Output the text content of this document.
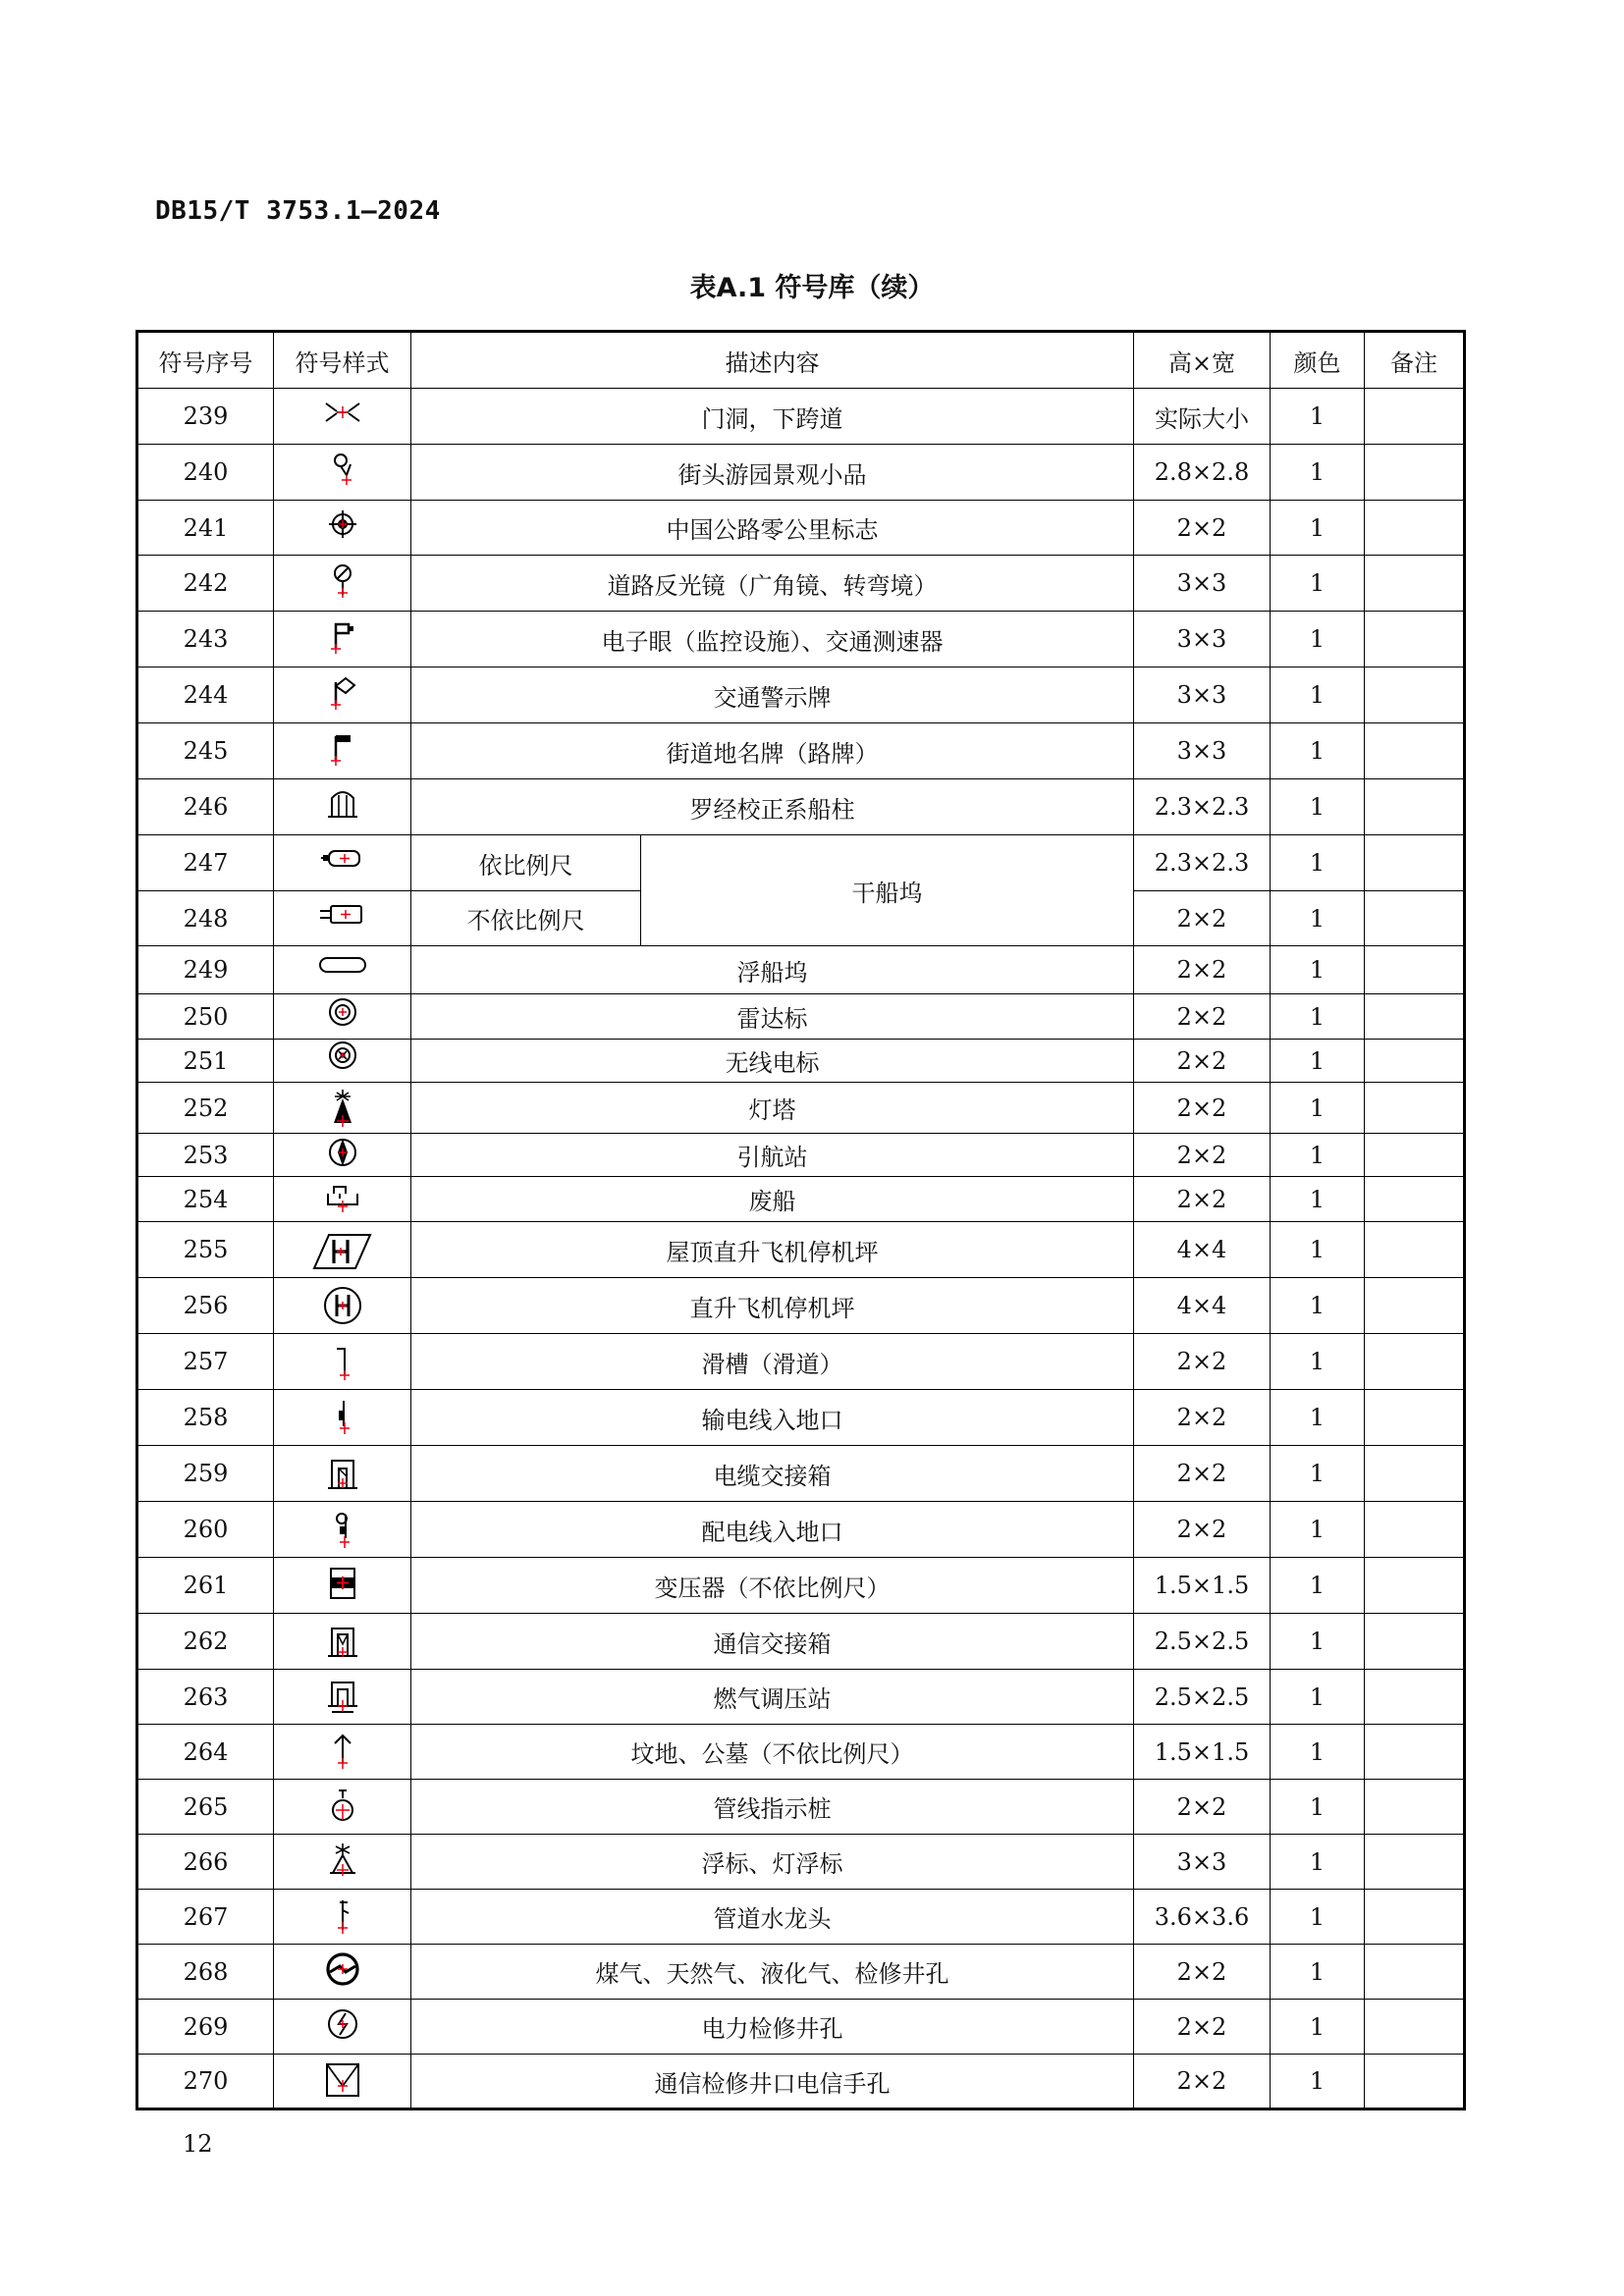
DB15/T 3753.1—2024
表A.1 符号库（续）
符号序号	符号样式	描述内容		高×宽	颜色	备注
239		门洞，下跨道		实际大小	1	
240		街头游园景观小品		2.8×2.8	1	
241		中国公路零公里标志		2×2	1	
242		道路反光镜（广角镜、转弯境）		3×3	1	
243		电子眼（监控设施）、交通测速器		3×3	1	
244		交通警示牌		3×3	1	
245		街道地名牌（路牌）		3×3	1	
246		罗经校正系船柱		2.3×2.3	1	
247		依比例尺	干船坞	2.3×2.3	1	
248		不依比例尺		2×2	1	
249		浮船坞		2×2	1	
250		雷达标		2×2	1	
251		无线电标		2×2	1	
252		灯塔		2×2	1	
253		引航站		2×2	1	
254		废船		2×2	1	
255		屋顶直升飞机停机坪		4×4	1	
256		直升飞机停机坪		4×4	1	
257		滑槽（滑道）		2×2	1	
258		输电线入地口		2×2	1	
259		电缆交接箱		2×2	1	
260		配电线入地口		2×2	1	
261		变压器（不依比例尺）		1.5×1.5	1	
262		通信交接箱		2.5×2.5	1	
263		燃气调压站		2.5×2.5	1	
264		坟地、公墓（不依比例尺）		1.5×1.5	1	
265		管线指示桩		2×2	1	
266		浮标、灯浮标		3×3	1	
267		管道水龙头		3.6×3.6	1	
268		煤气、天然气、液化气、检修井孔		2×2	1	
269		电力检修井孔		2×2	1	
270		通信检修井口电信手孔		2×2	1	
12
